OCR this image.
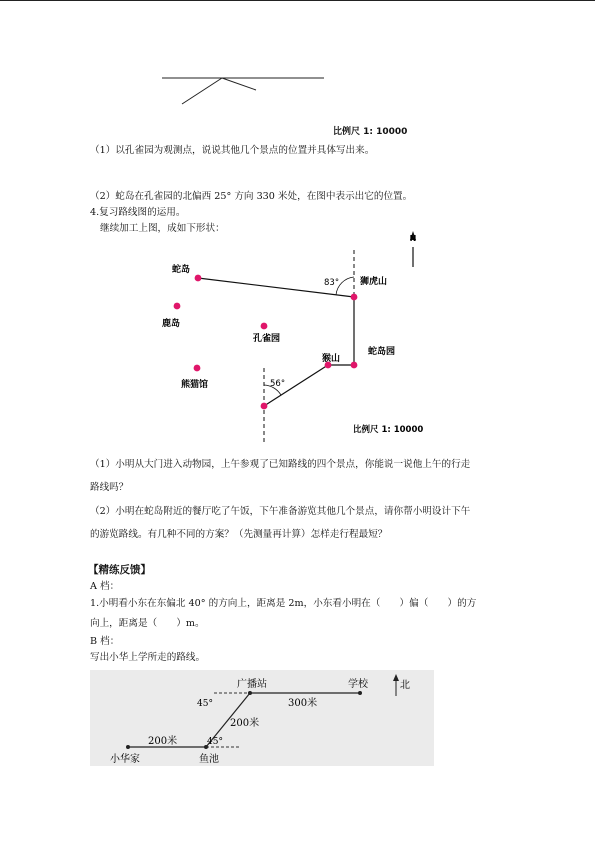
比例尺 1: 10000
（1）以孔雀园为观测点，说说其他几个景点的位置并具体写出来。
（2）蛇岛在孔雀园的北偏西 25° 方向 330 米处，在图中表示出它的位置。
4.复习路线图的运用。
继续加工上图，成如下形状：
N
蛇岛
鹿岛
孔雀园
熊猫馆
狮虎山
蛇岛园
猴山
83°
56°
比例尺 1: 10000
（1）小明从大门进入动物园，上午参观了已知路线的四个景点，你能说一说他上午的行走
路线吗？
（2）小明在蛇岛附近的餐厅吃了午饭，下午准备游览其他几个景点，请你帮小明设计下午
的游览路线。有几种不同的方案？（先测量再计算）怎样走行程最短？
【精练反馈】
A 档：
1.小明看小东在东偏北 40° 的方向上，距离是 2m，小东看小明在（　　）偏（　　）的方
向上，距离是（　　）m。
B 档：
写出小华上学所走的路线。
广播站	学校	北
300米
45°
200米
45°
200米
小华家	鱼池
